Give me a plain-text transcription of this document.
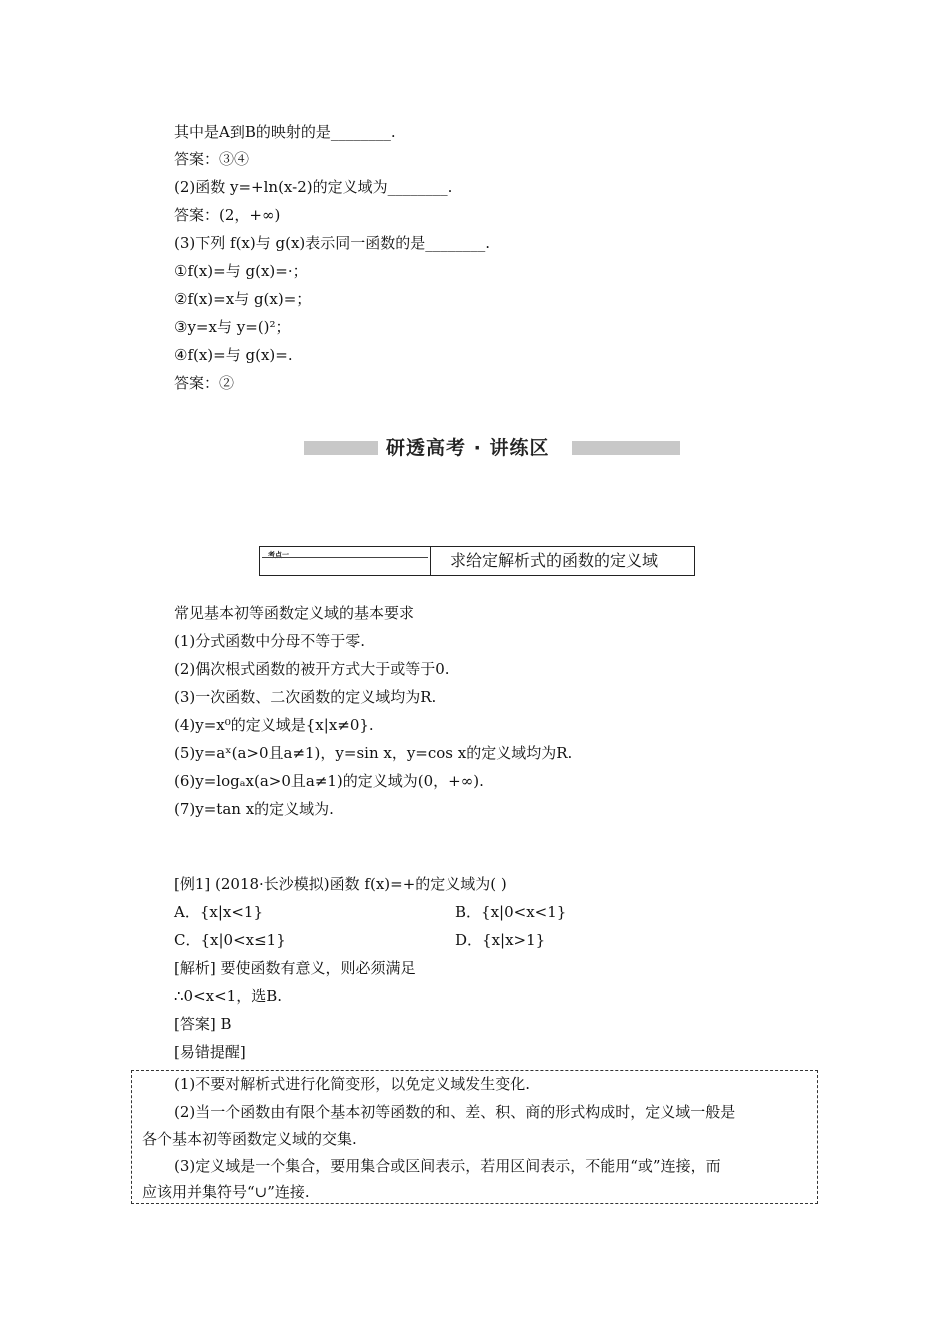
其中是A到B的映射的是________.
答案：③④
(2)函数 y=+ln(x-2)的定义域为________.
答案：(2，+∞)
(3)下列 f(x)与 g(x)表示同一函数的是________.
①f(x)=与 g(x)=·；
②f(x)=x与 g(x)=；
③y=x与 y=()²；
④f(x)=与 g(x)=.
答案：②
研透高考 · 讲练区
考点一	求给定解析式的函数的定义域
常见基本初等函数定义域的基本要求
(1)分式函数中分母不等于零.
(2)偶次根式函数的被开方式大于或等于0.
(3)一次函数、二次函数的定义域均为R.
(4)y=x⁰的定义域是{x|x≠0}.
(5)y=aˣ(a>0且a≠1)，y=sin x，y=cos x的定义域均为R.
(6)y=logₐx(a>0且a≠1)的定义域为(0，+∞).
(7)y=tan x的定义域为.
[例1] (2018·长沙模拟)函数 f(x)=+的定义域为( )
A．{x|x<1}	B．{x|0<x<1}
C．{x|0<x≤1}	D．{x|x>1}
[解析] 要使函数有意义，则必须满足
∴0<x<1，选B.
[答案] B
[易错提醒]
(1)不要对解析式进行化简变形，以免定义域发生变化.
(2)当一个函数由有限个基本初等函数的和、差、积、商的形式构成时，定义域一般是
各个基本初等函数定义域的交集.
(3)定义域是一个集合，要用集合或区间表示，若用区间表示，不能用“或”连接，而
应该用并集符号“∪”连接.
